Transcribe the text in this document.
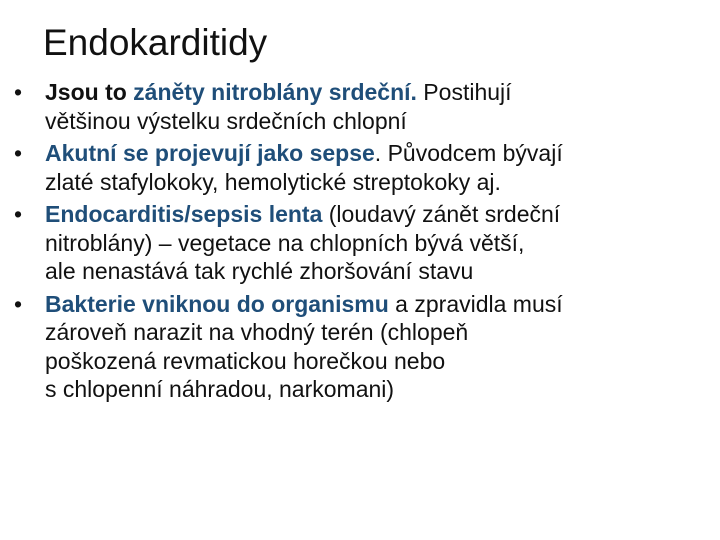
Endokarditidy
• Jsou to záněty nitroblány srdeční. Postihují
většinou výstelku srdečních chlopní
• Akutní se projevují jako sepse. Původcem bývají
zlaté stafylokoky, hemolytické streptokoky aj.
• Endocarditis/sepsis lenta (loudavý zánět srdeční
nitroblány) – vegetace na chlopních bývá větší,
ale nenastává tak rychlé zhoršování stavu
• Bakterie vniknou do organismu a zpravidla musí
zároveň narazit na vhodný terén (chlopeň
poškozená revmatickou horečkou nebo
s chlopenní náhradou, narkomani)
